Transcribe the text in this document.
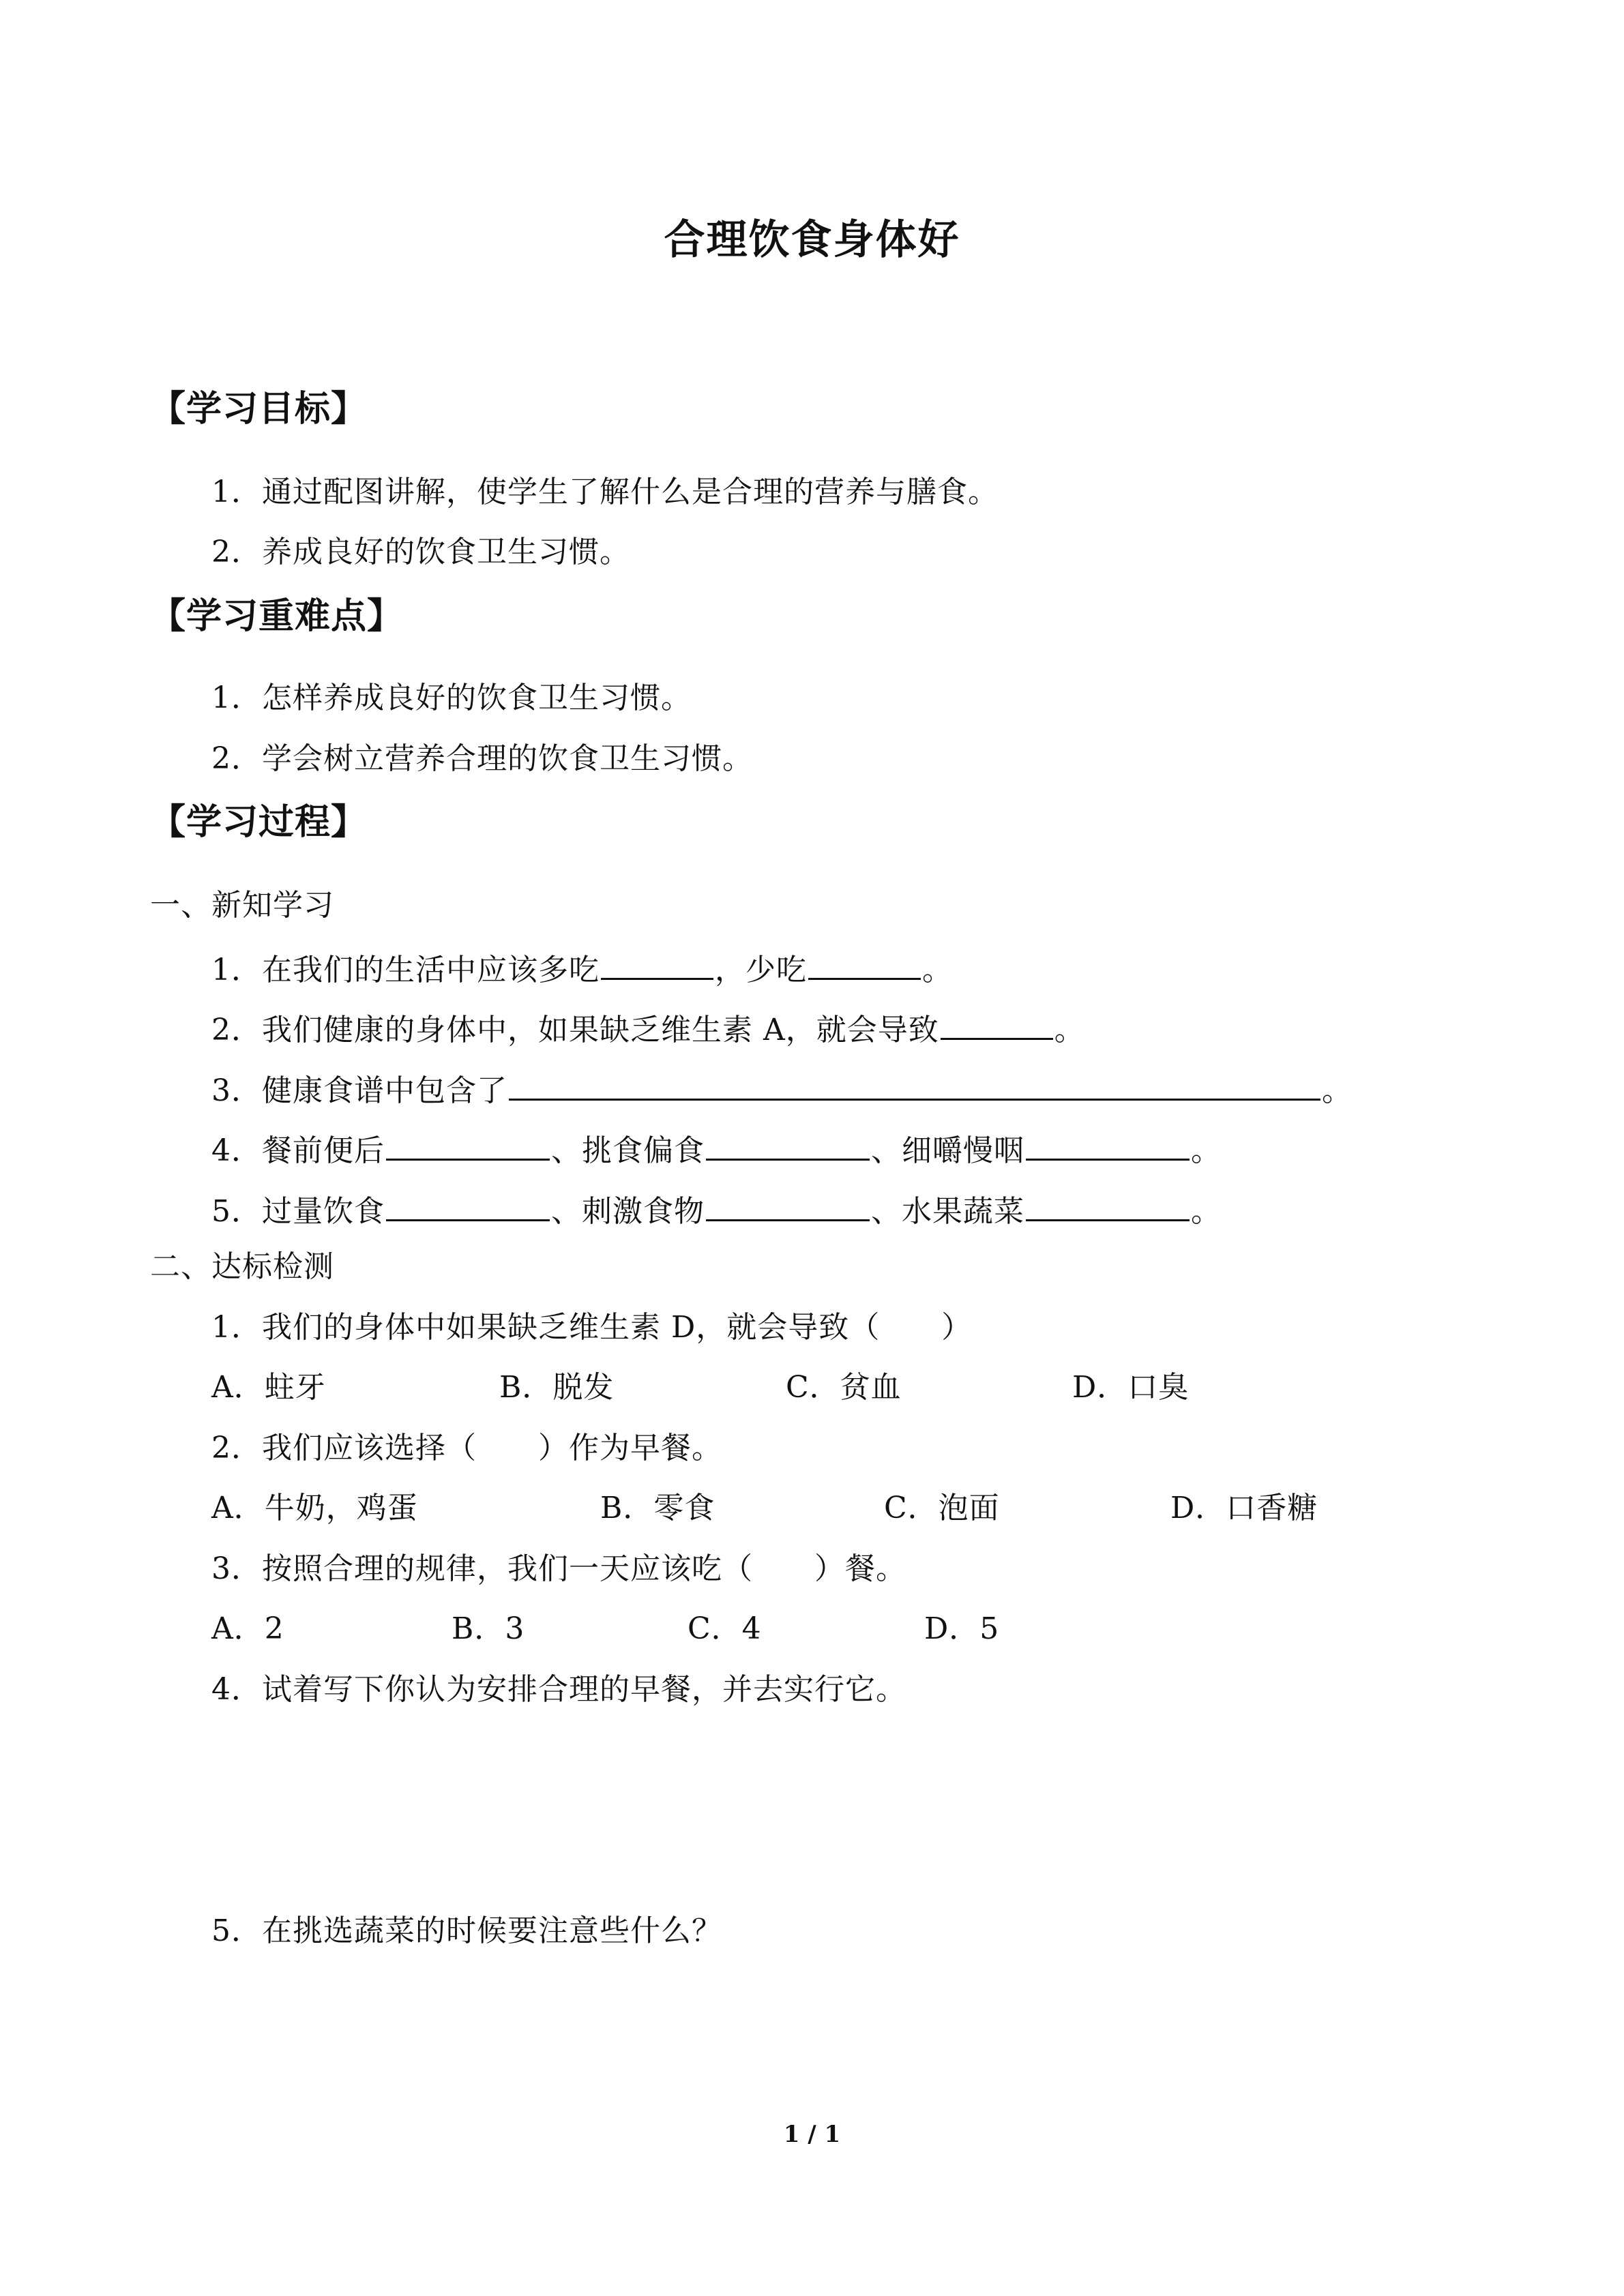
合理饮食身体好
【学习目标】
1．通过配图讲解，使学生了解什么是合理的营养与膳食。
2．养成良好的饮食卫生习惯。
【学习重难点】
1．怎样养成良好的饮食卫生习惯。
2．学会树立营养合理的饮食卫生习惯。
【学习过程】
一、新知学习
1．在我们的生活中应该多吃	，少吃	。
2．我们健康的身体中，如果缺乏维生素 A，就会导致	。
3．健康食谱中包含了	。
4．餐前便后	、挑食偏食	、细嚼慢咽	。
5．过量饮食	、刺激食物	、水果蔬菜	。
二、达标检测
1．我们的身体中如果缺乏维生素 D，就会导致（ ）
A．蛀牙	B．脱发	C．贫血	D．口臭
2．我们应该选择（ ）作为早餐。
A．牛奶，鸡蛋	B．零食	C．泡面	D．口香糖
3．按照合理的规律，我们一天应该吃（ ）餐。
A．2	B．3	C．4	D．5
4．试着写下你认为安排合理的早餐，并去实行它。
5．在挑选蔬菜的时候要注意些什么？
1 / 1
